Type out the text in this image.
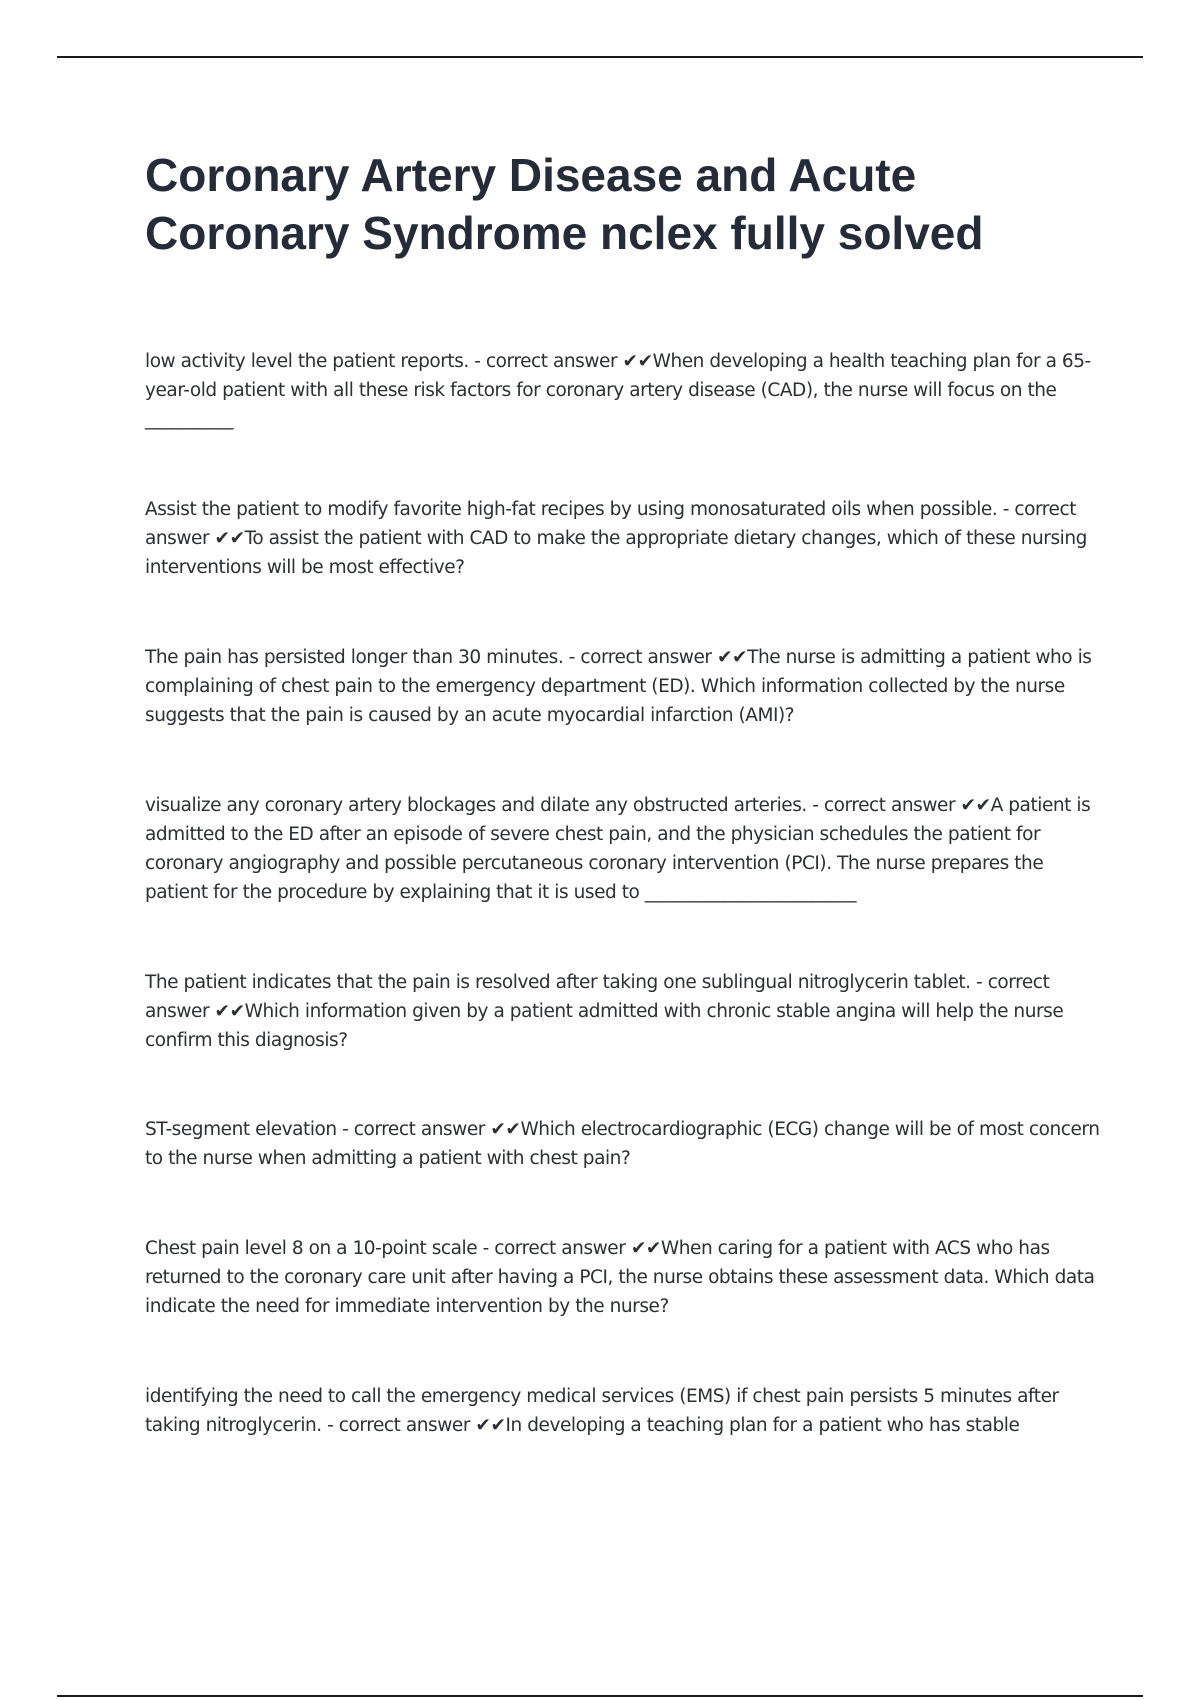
Coronary Artery Disease and Acute Coronary Syndrome nclex fully solved
low activity level the patient reports. - correct answer ✔✔When developing a health teaching plan for a 65-year-old patient with all these risk factors for coronary artery disease (CAD), the nurse will focus on the __________
Assist the patient to modify favorite high-fat recipes by using monosaturated oils when possible. - correct answer ✔✔To assist the patient with CAD to make the appropriate dietary changes, which of these nursing interventions will be most effective?
The pain has persisted longer than 30 minutes. - correct answer ✔✔The nurse is admitting a patient who is complaining of chest pain to the emergency department (ED). Which information collected by the nurse suggests that the pain is caused by an acute myocardial infarction (AMI)?
visualize any coronary artery blockages and dilate any obstructed arteries. - correct answer ✔✔A patient is admitted to the ED after an episode of severe chest pain, and the physician schedules the patient for coronary angiography and possible percutaneous coronary intervention (PCI). The nurse prepares the patient for the procedure by explaining that it is used to ________________________
The patient indicates that the pain is resolved after taking one sublingual nitroglycerin tablet. - correct answer ✔✔Which information given by a patient admitted with chronic stable angina will help the nurse confirm this diagnosis?
ST-segment elevation - correct answer ✔✔Which electrocardiographic (ECG) change will be of most concern to the nurse when admitting a patient with chest pain?
Chest pain level 8 on a 10-point scale - correct answer ✔✔When caring for a patient with ACS who has returned to the coronary care unit after having a PCI, the nurse obtains these assessment data. Which data indicate the need for immediate intervention by the nurse?
identifying the need to call the emergency medical services (EMS) if chest pain persists 5 minutes after taking nitroglycerin. - correct answer ✔✔In developing a teaching plan for a patient who has stable
